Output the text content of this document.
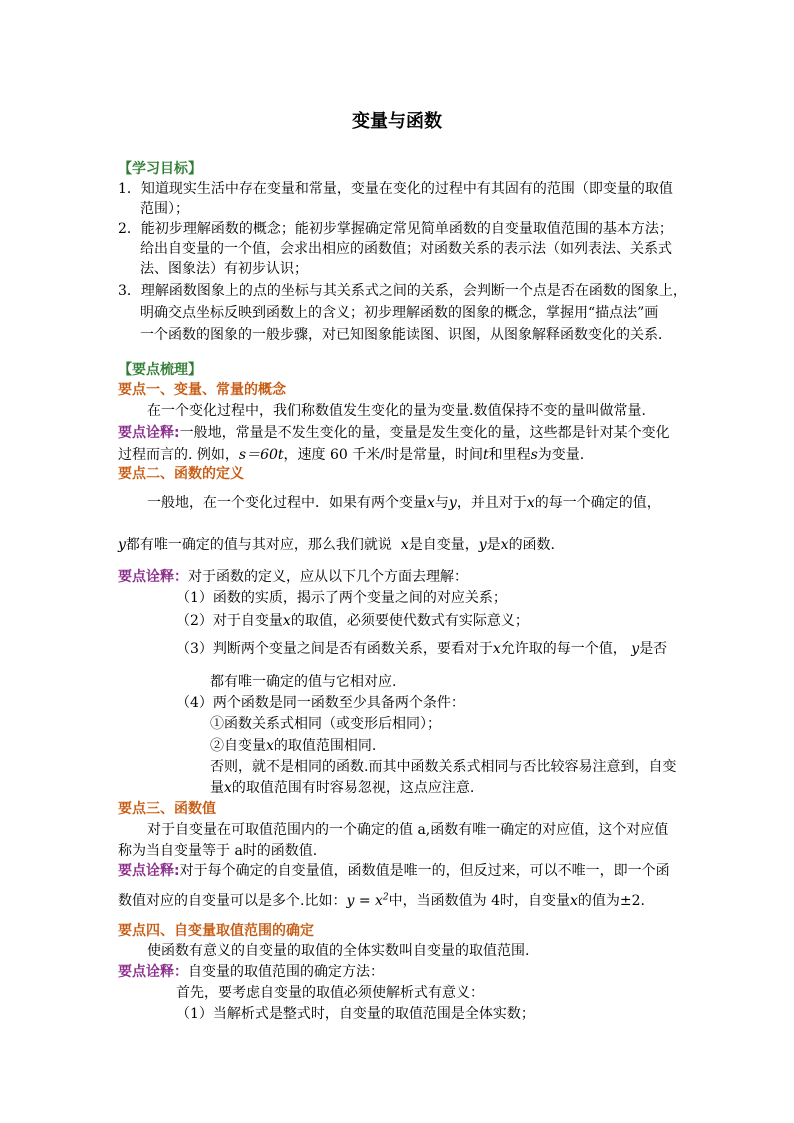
变量与函数
【学习目标】
1．知道现实生活中存在变量和常量，变量在变化的过程中有其固有的范围（即变量的取值
范围）；
2．能初步理解函数的概念；能初步掌握确定常见简单函数的自变量取值范围的基本方法；
给出自变量的一个值，会求出相应的函数值；对函数关系的表示法（如列表法、关系式
法、图象法）有初步认识；
3．理解函数图象上的点的坐标与其关系式之间的关系，会判断一个点是否在函数的图象上，
明确交点坐标反映到函数上的含义；初步理解函数的图象的概念，掌握用“描点法”画
一个函数的图象的一般步骤，对已知图象能读图、识图，从图象解释函数变化的关系．
【要点梳理】
要点一、变量、常量的概念
在一个变化过程中，我们称数值发生变化的量为变量.数值保持不变的量叫做常量.
要点诠释:一般地，常量是不发生变化的量，变量是发生变化的量，这些都是针对某个变化
过程而言的. 例如，s＝60t，速度 60 千米/时是常量，时间t和里程s为变量.
要点二、函数的定义
一般地，在一个变化过程中．如果有两个变量x与y，并且对于x的每一个确定的值，
y都有唯一确定的值与其对应，那么我们就说 x是自变量，y是x的函数.
要点诠释：对于函数的定义，应从以下几个方面去理解：
（1）函数的实质，揭示了两个变量之间的对应关系；
（2）对于自变量x的取值，必须要使代数式有实际意义；
（3）判断两个变量之间是否有函数关系，要看对于x允许取的每一个值， y是否
都有唯一确定的值与它相对应.
（4）两个函数是同一函数至少具备两个条件：
①函数关系式相同（或变形后相同）；
②自变量x的取值范围相同.
否则，就不是相同的函数.而其中函数关系式相同与否比较容易注意到，自变
量x的取值范围有时容易忽视，这点应注意.
要点三、函数值
对于自变量在可取值范围内的一个确定的值 a,函数有唯一确定的对应值，这个对应值
称为当自变量等于 a时的函数值.
要点诠释:对于每个确定的自变量值，函数值是唯一的，但反过来，可以不唯一，即一个函
数值对应的自变量可以是多个.比如：$y = x^2$中，当函数值为 4时，自变量x的值为±2.
要点四、自变量取值范围的确定
使函数有意义的自变量的取值的全体实数叫自变量的取值范围.
要点诠释：自变量的取值范围的确定方法：
首先，要考虑自变量的取值必须使解析式有意义：
（1）当解析式是整式时，自变量的取值范围是全体实数；
